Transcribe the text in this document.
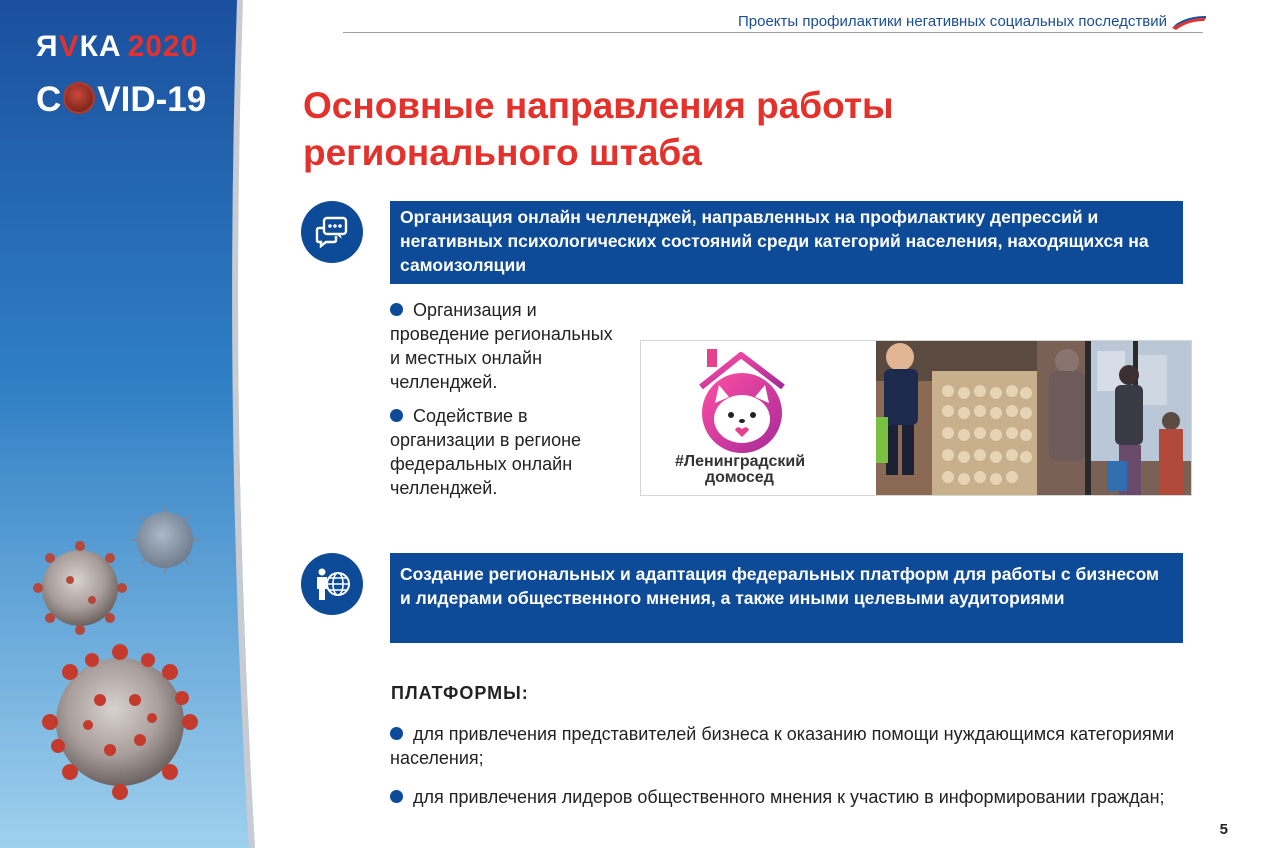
ЯVКА 2020
C VID-19
Проекты профилактики негативных социальных последствий
Основные направления работы
регионального штаба
Организация онлайн челленджей, направленных на профилактику депрессий и негативных психологических состояний среди категорий населения, находящихся на самоизоляции
Организация и проведение региональных и местных онлайн челленджей.
Содействие в организации в регионе федеральных онлайн челленджей.
#Ленинградский
домосед
Создание региональных и адаптация федеральных платформ для работы с бизнесом и лидерами общественного мнения, а также иными целевыми аудиториями
ПЛАТФОРМЫ:
для привлечения представителей бизнеса к оказанию помощи нуждающимся категориями населения;
для привлечения лидеров общественного мнения к участию в информировании граждан;
5
